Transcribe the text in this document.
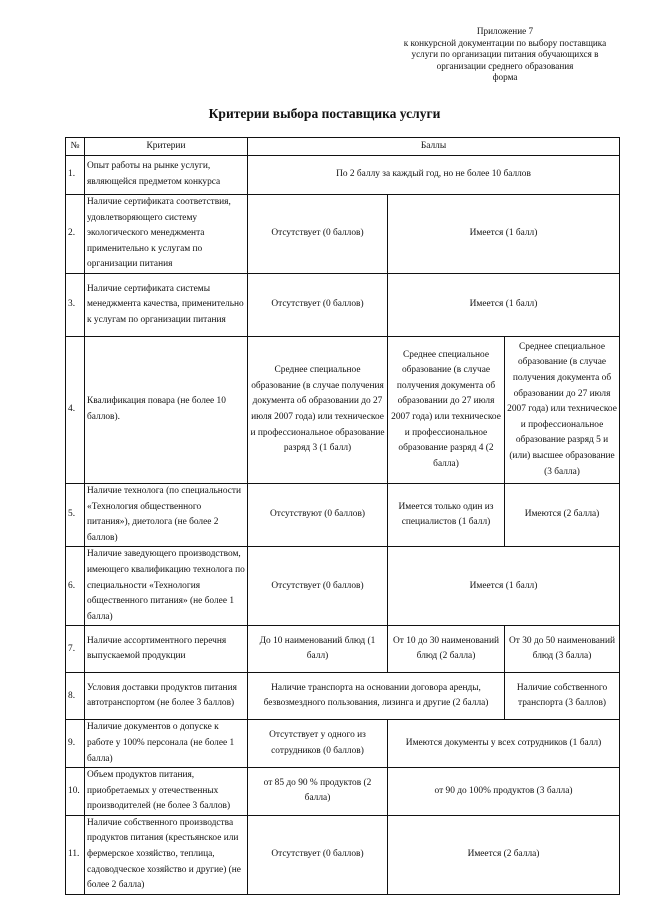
Приложение 7
к конкурсной документации по выбору поставщика
услуги по организации питания обучающихся в
организации среднего образования
форма
Критерии выбора поставщика услуги
№	Критерии	Баллы		
1.	Опыт работы на рынке услуги, являющейся предметом конкурса	По 2 баллу за каждый год, но не более 10 баллов		
2.	Наличие сертификата соответствия, удовлетворяющего систему экологического менеджмента применительно к услугам по организации питания	Отсутствует (0 баллов)	Имеется (1 балл)	
3.	Наличие сертификата системы менеджмента качества, применительно к услугам по организации питания	Отсутствует (0 баллов)	Имеется (1 балл)	
4.	Квалификация повара (не более 10 баллов).	Среднее специальное образование (в случае получения документа об образовании до 27 июля 2007 года) или техническое и профессиональное образование разряд 3 (1 балл)	Среднее специальное образование (в случае получения документа об образовании до 27 июля 2007 года) или техническое и профессиональное образование разряд 4 (2 балла)	Среднее специальное образование (в случае получения документа об образовании до 27 июля 2007 года) или техническое и профессиональное образование разряд 5 и (или) высшее образование (3 балла)
5.	Наличие технолога (по специальности «Технология общественного питания»), диетолога (не более 2 баллов)	Отсутствуют (0 баллов)	Имеется только один из специалистов (1 балл)	Имеются (2 балла)
6.	Наличие заведующего производством, имеющего квалификацию технолога по специальности «Технология общественного питания» (не более 1 балла)	Отсутствует (0 баллов)	Имеется (1 балл)	
7.	Наличие ассортиментного перечня выпускаемой продукции	До 10 наименований блюд (1 балл)	От 10 до 30 наименований блюд (2 балла)	От 30 до 50 наименований блюд (3 балла)
8.	Условия доставки продуктов питания автотранспортом (не более 3 баллов)	Наличие транспорта на основании договора аренды, безвозмездного пользования, лизинга и другие (2 балла)		Наличие собственного транспорта (3 баллов)
9.	Наличие документов о допуске к работе у 100% персонала (не более 1 балла)	Отсутствует у одного из сотрудников (0 баллов)	Имеются документы у всех сотрудников (1 балл)	
10.	Объем продуктов питания, приобретаемых у отечественных производителей (не более 3 баллов)	от 85 до 90 % продуктов (2 балла)	от 90 до 100% продуктов (3 балла)	
11.	Наличие собственного производства продуктов питания (крестьянское или фермерское хозяйство, теплица, садоводческое хозяйство и другие) (не более 2 балла)	Отсутствует (0 баллов)	Имеется (2 балла)	
